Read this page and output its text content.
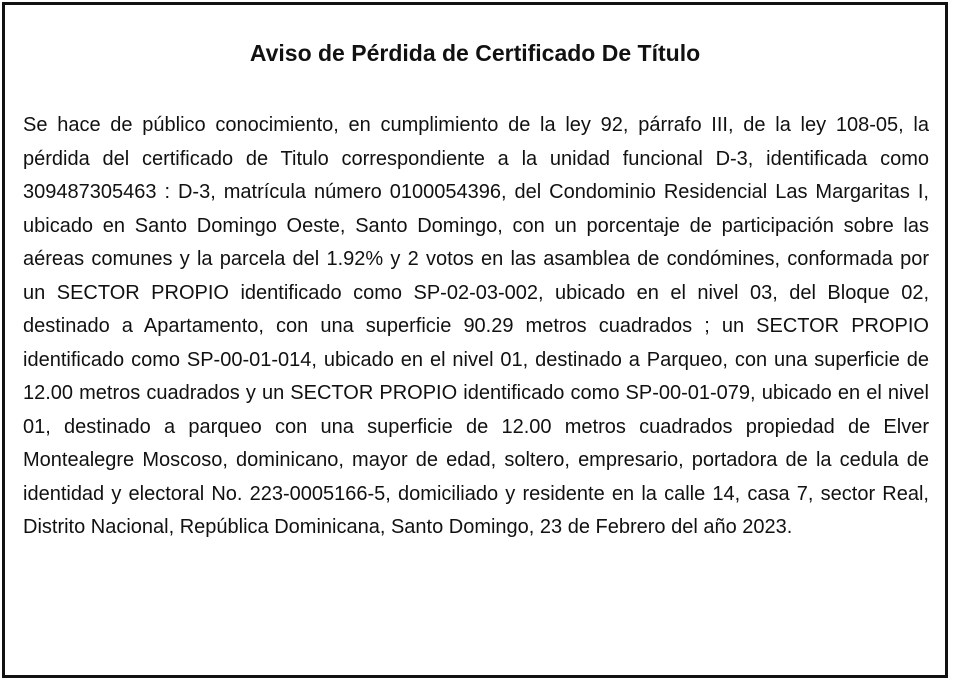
Aviso de Pérdida de Certificado De Título

Se hace de público conocimiento, en cumplimiento de la ley 92, párrafo III, de la ley 108-05, la pérdida del certificado de Titulo correspondiente a la unidad funcional D-3, identificada como 309487305463 : D-3, matrícula número 0100054396, del Condominio Residencial Las Margaritas I, ubicado en Santo Domingo Oeste, Santo Domingo, con un porcentaje de participación sobre las aéreas comunes y la parcela del 1.92% y 2 votos en las asamblea de condómines, conformada por un SECTOR PROPIO identificado como SP-02-03-002, ubicado en el nivel 03, del Bloque 02, destinado a Apartamento, con una superficie 90.29 metros cuadrados ; un SECTOR PROPIO identificado como SP-00-01-014, ubicado en el nivel 01, destinado a Parqueo, con una superficie de 12.00 metros cuadrados y un SECTOR PROPIO identificado como SP-00-01-079, ubicado en el nivel 01, destinado a parqueo con una superficie de 12.00 metros cuadrados propiedad de Elver Montealegre Moscoso, dominicano, mayor de edad, soltero, empresario, portadora de la cedula de identidad y electoral No. 223-0005166-5, domiciliado y residente en la calle 14, casa 7, sector Real, Distrito Nacional, República Dominicana, Santo Domingo, 23 de Febrero del año 2023.
